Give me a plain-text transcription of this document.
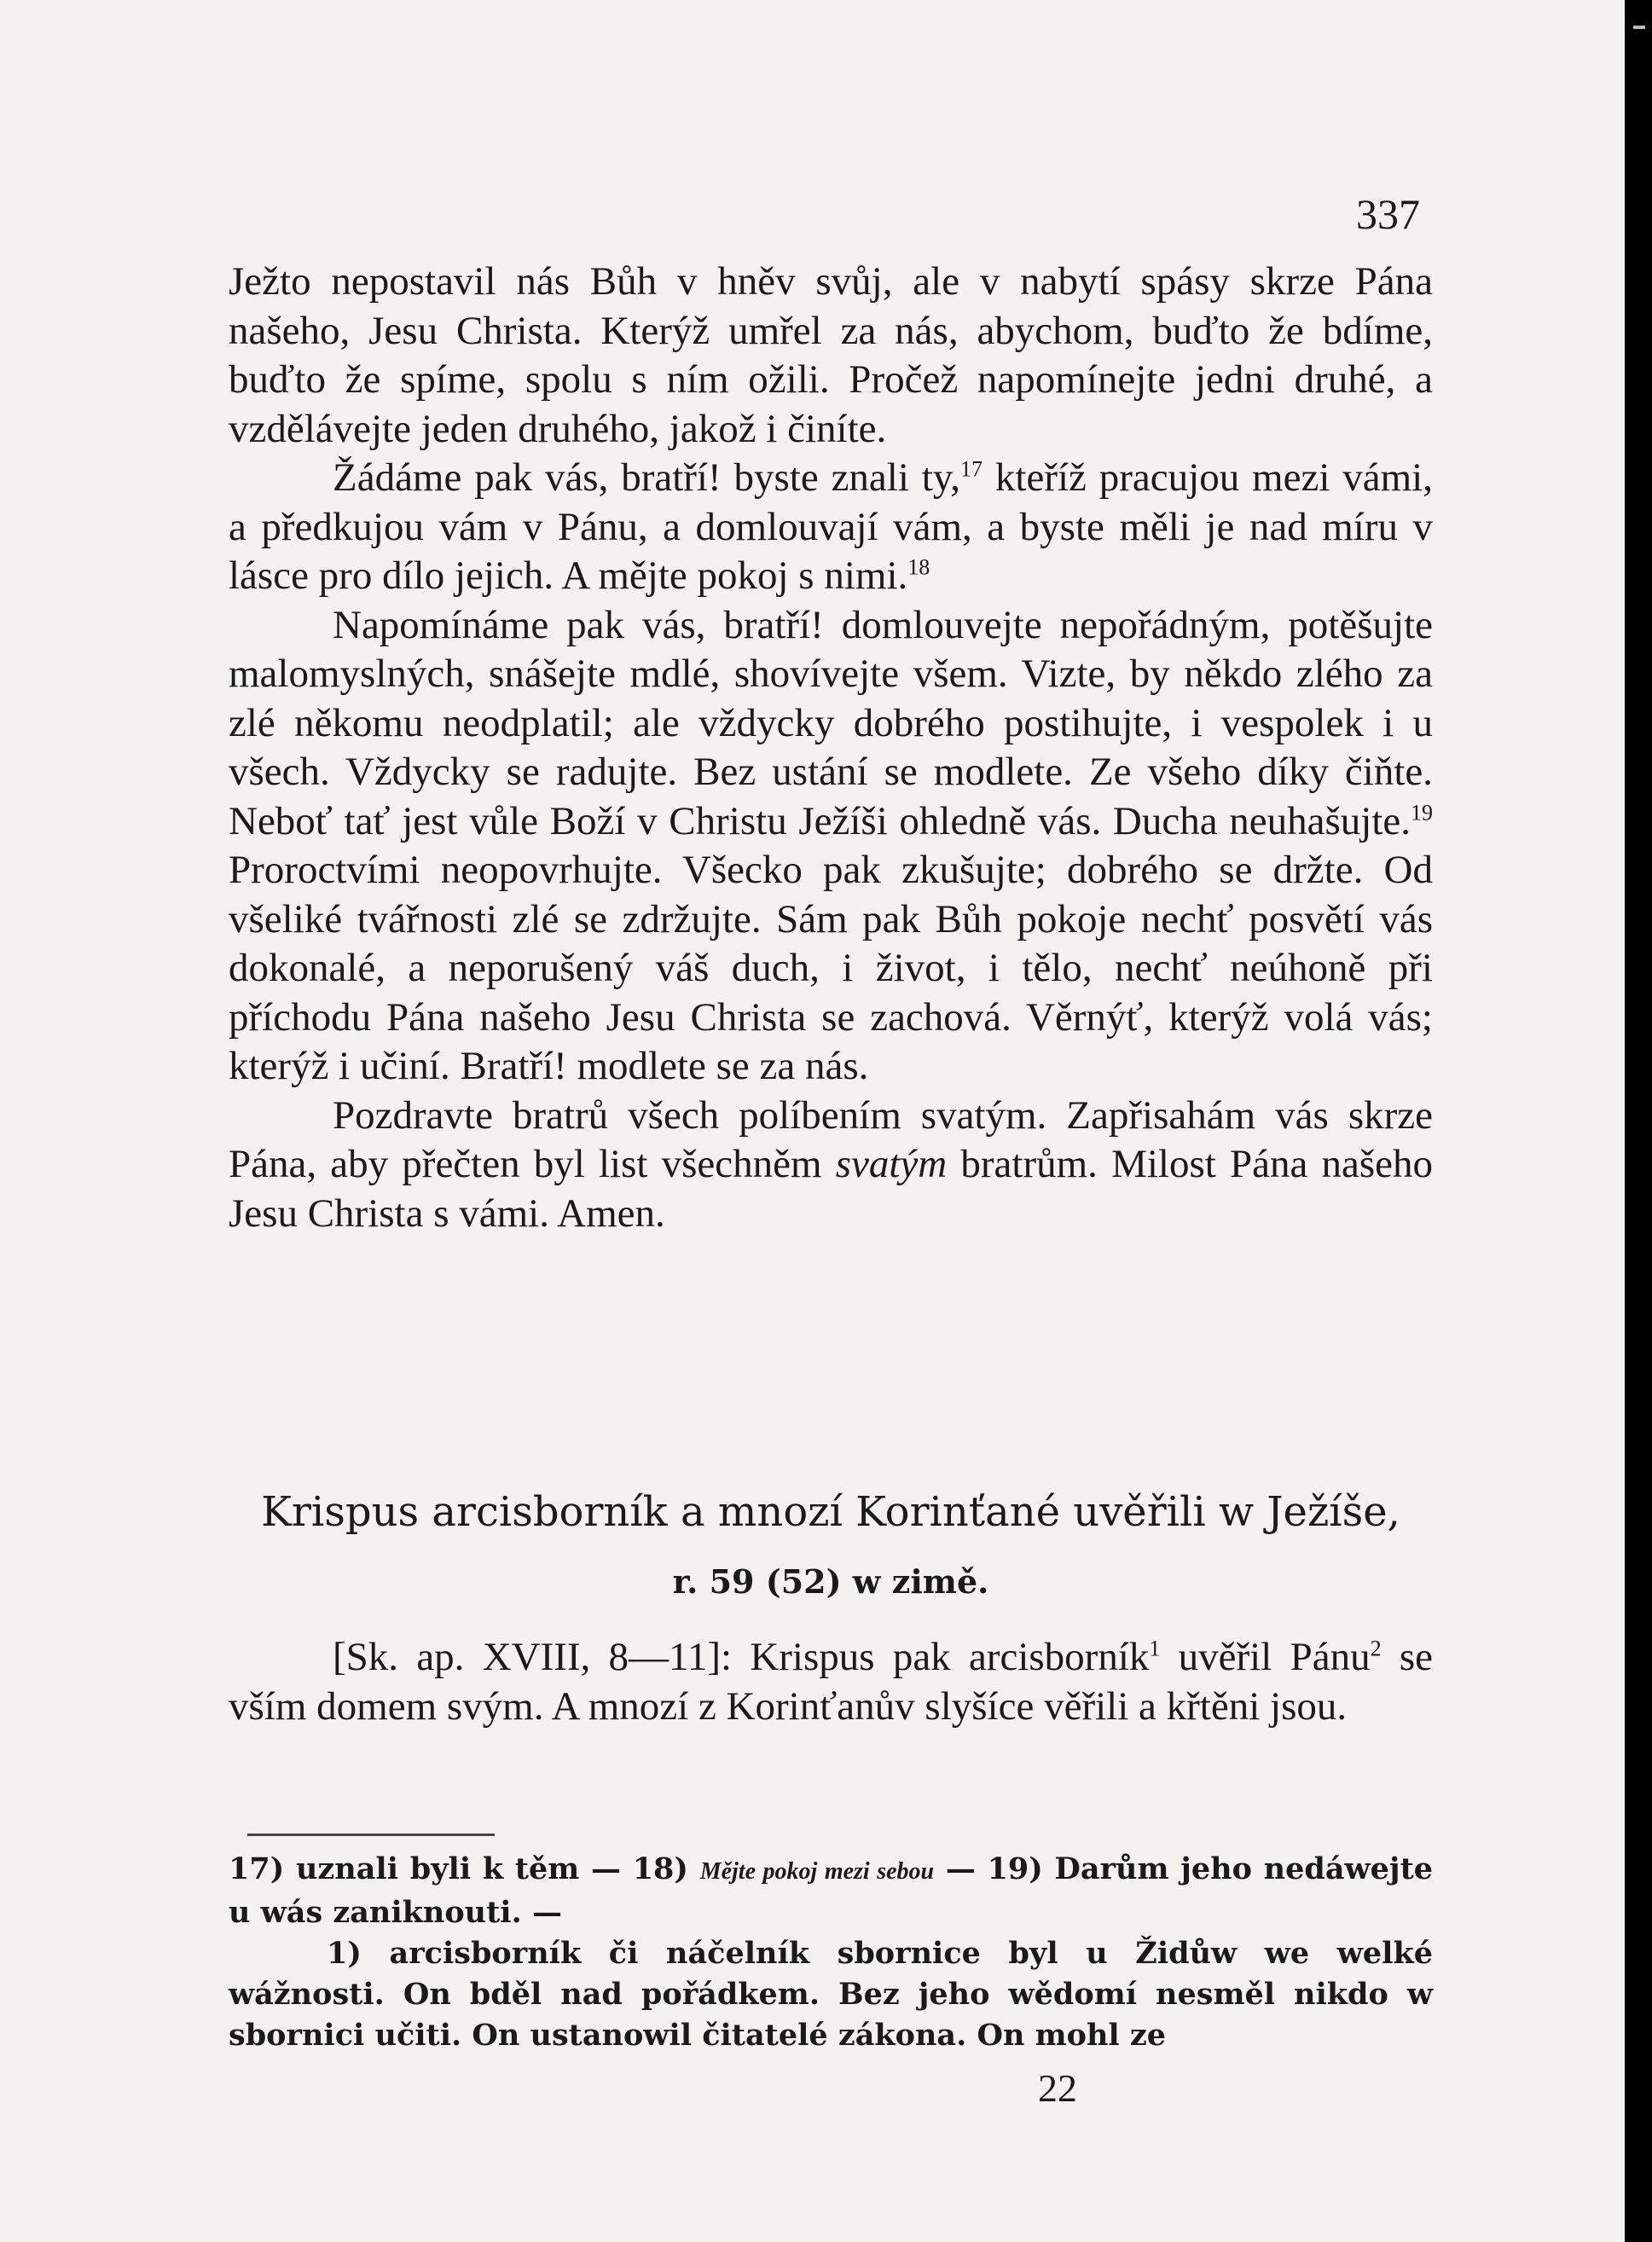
337

Ježto nepostavil nás Bůh v hněv svůj, ale v nabytí spásy skrze Pána našeho, Jesu Christa. Kterýž umřel za nás, abychom, buďto že bdíme, buďto že spíme, spolu s ním ožili. Pročež napomínejte jedni druhé, a vzdělávejte jeden druhého, jakož i činíte.

Žádáme pak vás, bratří! byste znali ty,$^{17}$ kteříž pracujou mezi vámi, a předkujou vám v Pánu, a domlouvají vám, a byste měli je nad míru v lásce pro dílo jejich. A mějte pokoj s nimi.$^{18}$

Napomínáme pak vás, bratří! domlouvejte nepořádným, potěšujte malomyslných, snášejte mdlé, shovívejte všem. Vizte, by někdo zlého za zlé někomu neodplatil; ale vždycky dobrého postihujte, i vespolek i u všech. Vždycky se radujte. Bez ustání se modlete. Ze všeho díky čiňte. Neboť tať jest vůle Boží v Christu Ježíši ohledně vás. Ducha neuhašujte.$^{19}$ Proroctvími neopovrhujte. Všecko pak zkušujte; dobrého se držte. Od všeliké tvářnosti zlé se zdržujte. Sám pak Bůh pokoje nechť posvětí vás dokonalé, a neporušený váš duch, i život, i tělo, nechť neúhoně při příchodu Pána našeho Jesu Christa se zachová. Věrnýť, kterýž volá vás; kterýž i učiní. Bratří! modlete se za nás.

Pozdravte bratrů všech políbením svatým. Zapřisahám vás skrze Pána, aby přečten byl list všechněm svatým bratrům. Milost Pána našeho Jesu Christa s vámi. Amen.

Krispus arcisborník a mnozí Korinťané uvěřili w Ježíše,

r. 59 (52) w zimě.

[Sk. ap. XVIII, 8—11]: Krispus pak arcisborník$^1$ uvěřil Pánu$^2$ se vším domem svým. A mnozí z Korinťanův slyšíce věřili a křtěni jsou.

17) uznali byli k těm — 18) Mějte pokoj mezi sebou — 19) Darům jeho nedáwejte u wás zaniknouti. —

1) arcisborník či náčelník sbornice byl u Židůw we welké wážnosti. On bděl nad pořádkem. Bez jeho wědomí nesměl nikdo w sbornici učiti. On ustanowil čitatelé zákona. On mohl ze

22
